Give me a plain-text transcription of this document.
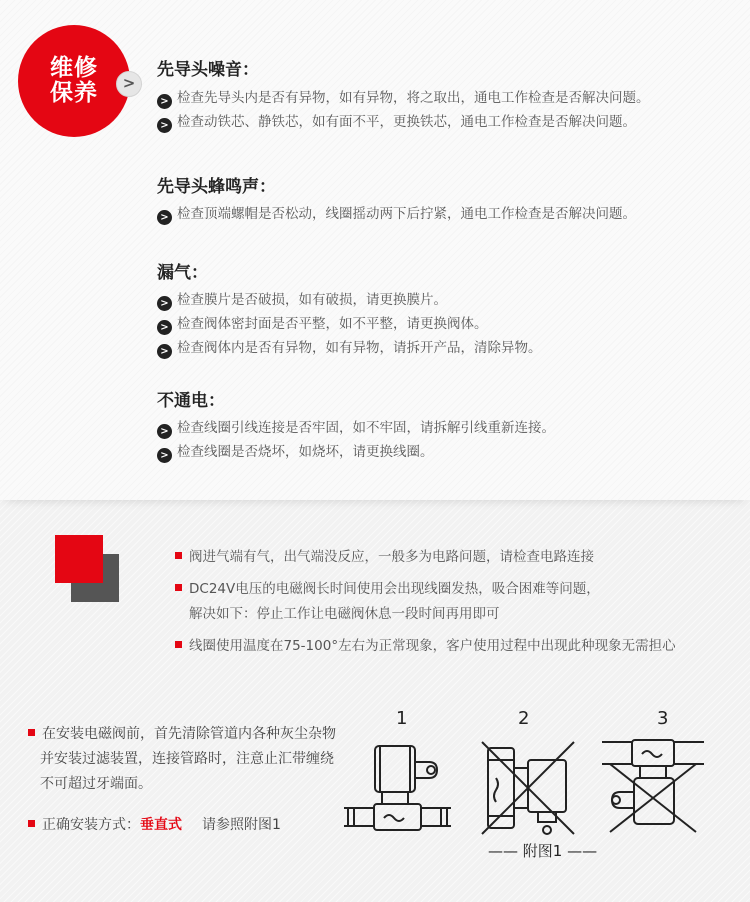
维修
保养	>
先导头噪音：
> 检查先导头内是否有异物，如有异物，将之取出，通电工作检查是否解决问题。
> 检查动铁芯、静铁芯，如有面不平，更换铁芯，通电工作检查是否解决问题。
先导头蜂鸣声：
> 检查顶端螺帽是否松动，线圈摇动两下后拧紧，通电工作检查是否解决问题。
漏气：
> 检查膜片是否破损，如有破损，请更换膜片。
> 检查阀体密封面是否平整，如不平整，请更换阀体。
> 检查阀体内是否有异物，如有异物，请拆开产品，清除异物。
不通电：
> 检查线圈引线连接是否牢固，如不牢固，请拆解引线重新连接。
> 检查线圈是否烧坏，如烧坏，请更换线圈。
阀进气端有气，出气端没反应，一般多为电路问题，请检查电路连接
DC24V电压的电磁阀长时间使用会出现线圈发热，吸合困难等问题，
解决如下：停止工作让电磁阀休息一段时间再用即可
线圈使用温度在75-100°左右为正常现象，客户使用过程中出现此种现象无需担心
在安装电磁阀前，首先清除管道内各种灰尘杂物
并安装过滤装置，连接管路时，注意止汇带缠绕
不可超过牙端面。
正确安装方式：垂直式 请参照附图1
1	2	3
—— 附图1 ——
